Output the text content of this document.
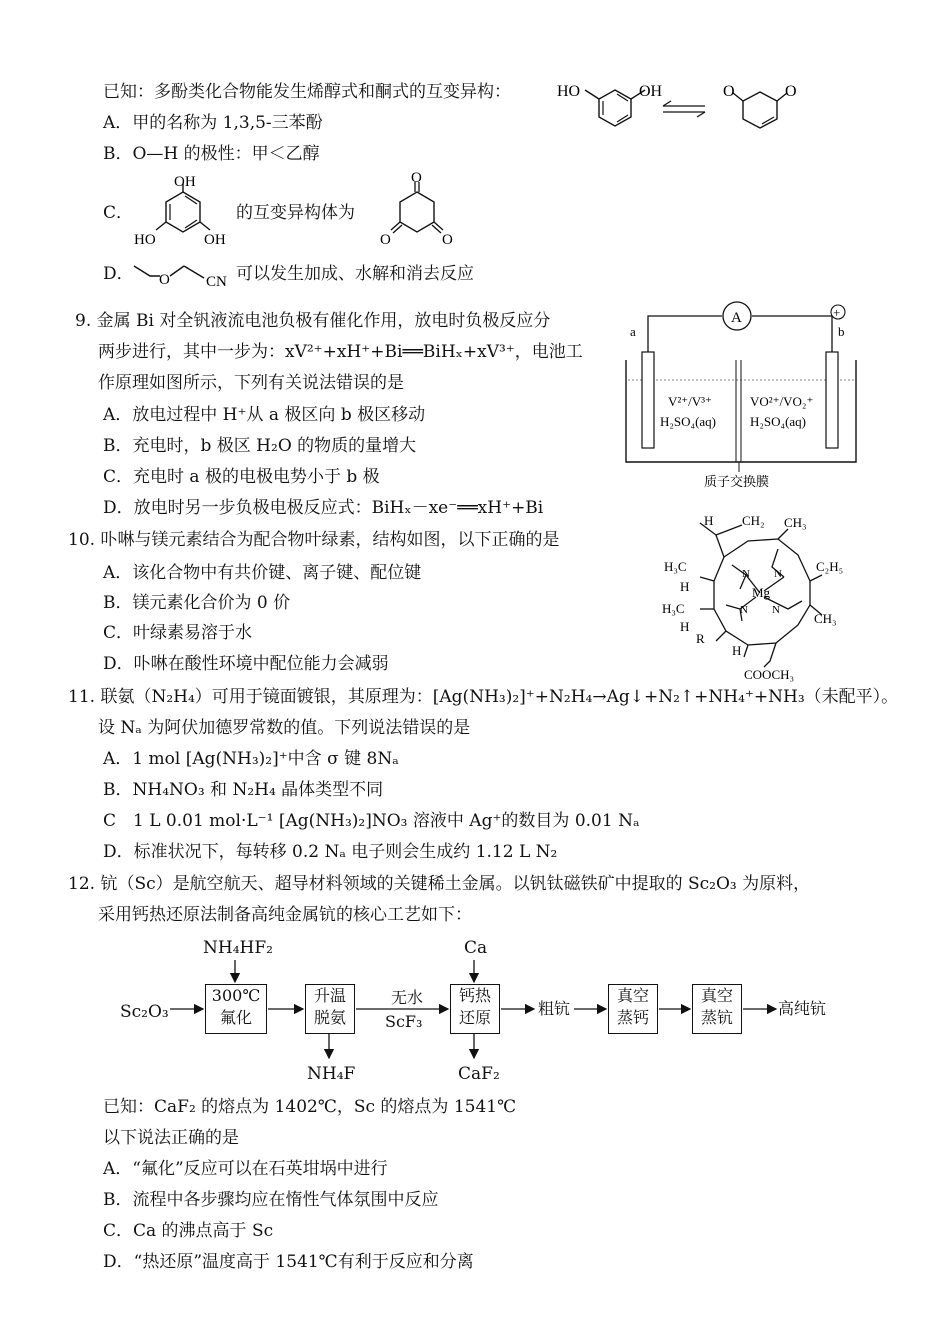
已知：多酚类化合物能发生烯醇式和酮式的互变异构：	HO	OH	O	O
A．甲的名称为 1,3,5-三苯酚
B．O—H 的极性：甲＜乙醇
C．
OH
HO	OH
的互变异构体为
O
O	O
D． O CN 可以发生加成、水解和消去反应
9. 金属 Bi 对全钒液流电池负极有催化作用，放电时负极反应分
两步进行，其中一步为：xV²⁺+xH⁺+Bi══BiHₓ+xV³⁺，电池工
作原理如图所示，下列有关说法错误的是
A．放电过程中 H⁺从 a 极区向 b 极区移动
B．充电时，b 极区 H₂O 的物质的量增大
C．充电时 a 极的电极电势小于 b 极
D．放电时另一步负极电极反应式：BiHₓ－xe⁻══xH⁺+Bi
A	+
a	b
V²⁺/V³⁺
H₂SO₄(aq)
VO²⁺/VO₂⁺
H₂SO₄(aq)
质子交换膜
10. 卟啉与镁元素结合为配合物叶绿素，结构如图，以下正确的是
A．该化合物中有共价键、离子键、配位键
B．镁元素化合价为 0 价
C．叶绿素易溶于水
D．卟啉在酸性环境中配位能力会减弱
H CH₂ CH₃
H₃C	C₂H₅
H
H₃C
H
R
CH₃
H
COOCH₃
Mg
N N
N N
11. 联氨（N₂H₄）可用于镜面镀银，其原理为：[Ag(NH₃)₂]⁺+N₂H₄→Ag↓+N₂↑+NH₄⁺+NH₃（未配平）。
设 Nₐ 为阿伏加德罗常数的值。下列说法错误的是
A．1 mol [Ag(NH₃)₂]⁺中含 σ 键 8Nₐ
B．NH₄NO₃ 和 N₂H₄ 晶体类型不同
C　1 L 0.01 mol·L⁻¹ [Ag(NH₃)₂]NO₃ 溶液中 Ag⁺的数目为 0.01 Nₐ
D．标准状况下，每转移 0.2 Nₐ 电子则会生成约 1.12 L N₂
12. 钪（Sc）是航空航天、超导材料领域的关键稀土金属。以钒钛磁铁矿中提取的 Sc₂O₃ 为原料，
采用钙热还原法制备高纯金属钪的核心工艺如下：
NH₄HF₂	Ca
Sc₂O₃
300℃
氟化
升温
脱氨
无水
ScF₃
钙热
还原	粗钪
真空
蒸钙
真空
蒸钪	高纯钪
NH₄F	CaF₂
已知：CaF₂ 的熔点为 1402℃，Sc 的熔点为 1541℃
以下说法正确的是
A．“氟化”反应可以在石英坩埚中进行
B．流程中各步骤均应在惰性气体氛围中反应
C．Ca 的沸点高于 Sc
D．“热还原”温度高于 1541℃有利于反应和分离
